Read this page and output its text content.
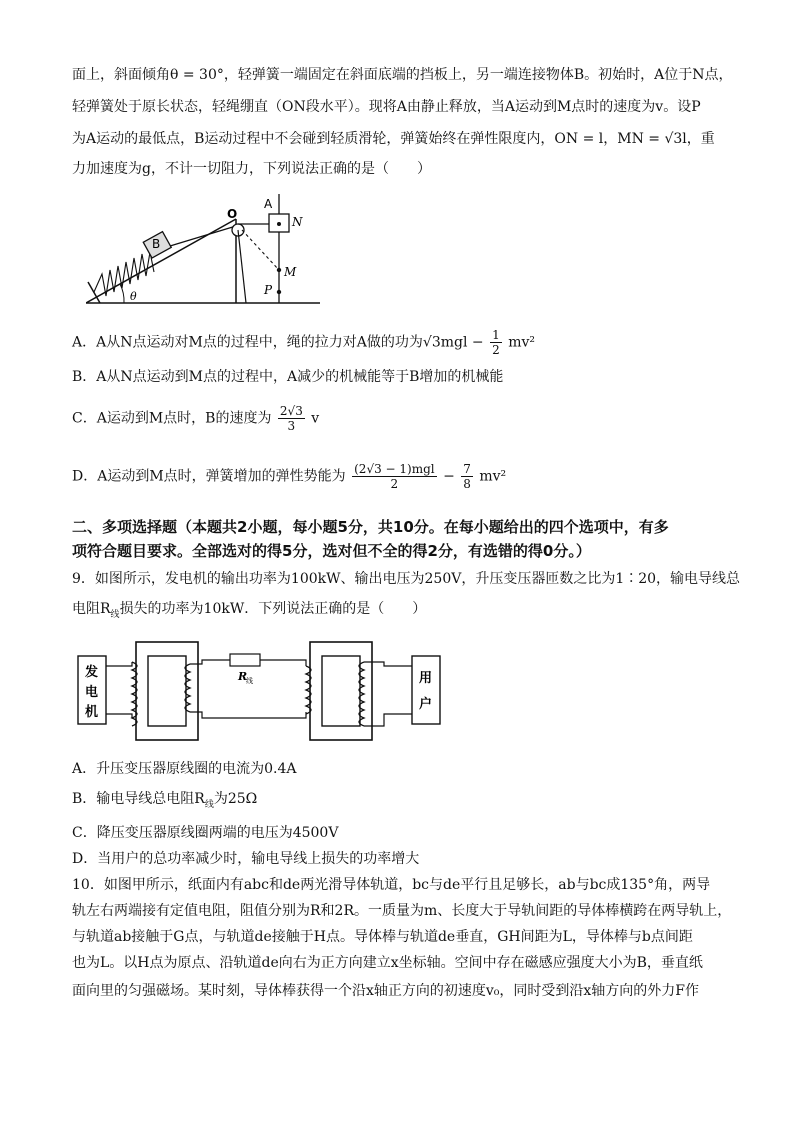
面上，斜面倾角θ = 30°，轻弹簧一端固定在斜面底端的挡板上，另一端连接物体B。初始时，A位于N点，
轻弹簧处于原长状态，轻绳绷直（ON段水平）。现将A由静止释放，当A运动到M点时的速度为v。设P
为A运动的最低点，B运动过程中不会碰到轻质滑轮，弹簧始终在弹性限度内，ON = l，MN = √3l，重
力加速度为g，不计一切阻力，下列说法正确的是（　　）
O
A
N
B
M
P
θ
A．A从N点运动对M点的过程中，绳的拉力对A做的功为$√3mgl - \frac{1}{2} mv^2$
B．A从N点运动到M点的过程中，A减少的机械能等于B增加的机械能
C．A运动到M点时，B的速度为 $\frac{2√3}{3}$ v
D．A运动到M点时，弹簧增加的弹性势能为 $\frac{\text{(2√3 − 1)mgl}}{2} - \frac{7}{8} mv^2$
二、多项选择题（本题共2小题，每小题5分，共10分。在每小题给出的四个选项中，有多
项符合题目要求。全部选对的得5分，选对但不全的得2分，有选错的得0分。）
9．如图所示，发电机的输出功率为100kW、输出电压为250V，升压变压器匝数之比为1∶20，输电导线总
电阻$R_线$损失的功率为10kW．下列说法正确的是（　　）
发
电
机
R
线	用
户
A．升压变压器原线圈的电流为0.4A
B．输电导线总电阻$R_线$为25Ω
C．降压变压器原线圈两端的电压为4500V
D．当用户的总功率减少时，输电导线上损失的功率增大
10．如图甲所示，纸面内有abc和de两光滑导体轨道，bc与de平行且足够长，ab与bc成135°角，两导
轨左右两端接有定值电阻，阻值分别为R和2R。一质量为m、长度大于导轨间距的导体棒横跨在两导轨上，
与轨道ab接触于G点，与轨道de接触于H点。导体棒与轨道de垂直，GH间距为L，导体棒与b点间距
也为L。以H点为原点、沿轨道de向右为正方向建立x坐标轴。空间中存在磁感应强度大小为B，垂直纸
面向里的匀强磁场。某时刻，导体棒获得一个沿x轴正方向的初速度v₀，同时受到沿x轴方向的外力F作
